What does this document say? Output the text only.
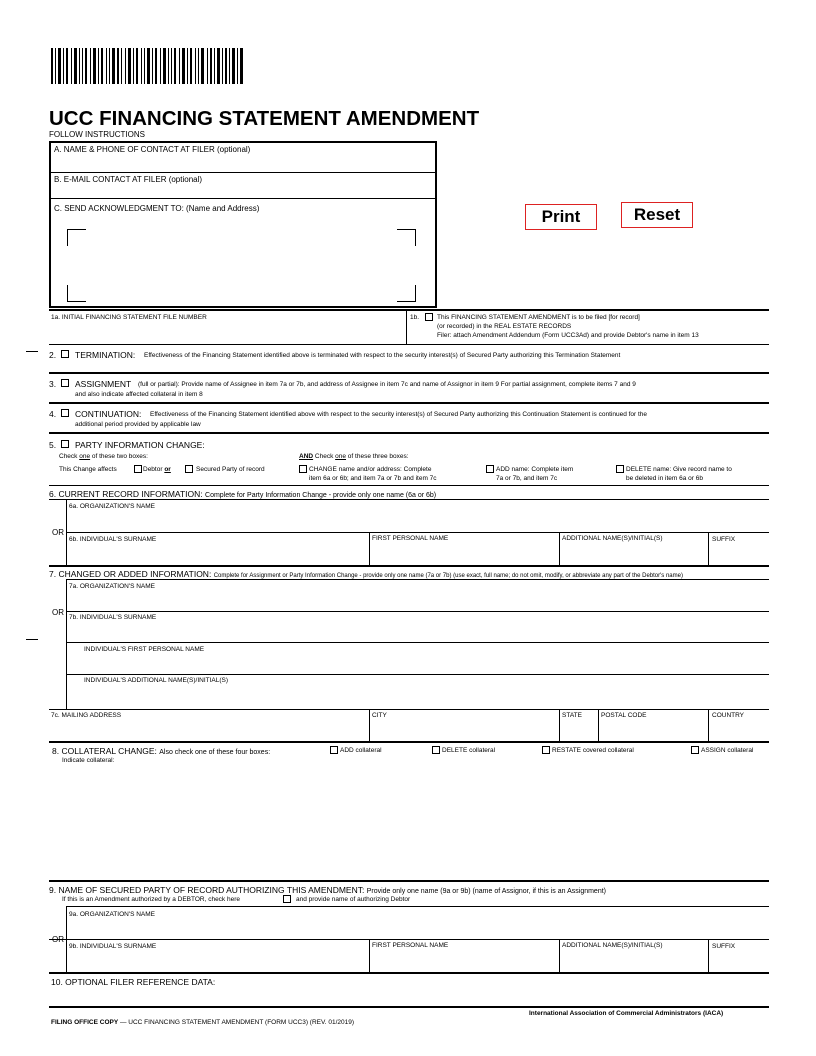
UCC FINANCING STATEMENT AMENDMENT
FOLLOW INSTRUCTIONS
A. NAME & PHONE OF CONTACT AT FILER (optional)
B. E-MAIL CONTACT AT FILER (optional)
C. SEND ACKNOWLEDGMENT TO: (Name and Address)	Print	Reset
1a. INITIAL FINANCING STATEMENT FILE NUMBER	1b.	This FINANCING STATEMENT AMENDMENT is to be filed [for record]
(or recorded) in the REAL ESTATE RECORDS
Filer: attach Amendment Addendum (Form UCC3Ad) and provide Debtor's name in item 13
2. TERMINATION: Effectiveness of the Financing Statement identified above is terminated with respect to the security interest(s) of Secured Party authorizing this Termination Statement
3. ASSIGNMENT (full or partial): Provide name of Assignee in item 7a or 7b, and address of Assignee in item 7c and name of Assignor in item 9 For partial assignment, complete items 7 and 9
and also indicate affected collateral in item 8
4. CONTINUATION: Effectiveness of the Financing Statement identified above with respect to the security interest(s) of Secured Party authorizing this Continuation Statement is continued for the
additional period provided by applicable law
5. PARTY INFORMATION CHANGE:
Check one of these two boxes:	AND Check one of these three boxes:
This Change affects	Debtor or	Secured Party of record	CHANGE name and/or address: Complete
item 6a or 6b; and item 7a or 7b and item 7c
ADD name: Complete item
7a or 7b, and item 7c
DELETE name: Give record name to
be deleted in item 6a or 6b
6. CURRENT RECORD INFORMATION: Complete for Party Information Change - provide only one name (6a or 6b)
6a. ORGANIZATION'S NAME
OR
6b. INDIVIDUAL'S SURNAME	FIRST PERSONAL NAME	ADDITIONAL NAME(S)/INITIAL(S)	SUFFIX
7. CHANGED OR ADDED INFORMATION: Complete for Assignment or Party Information Change - provide only one name (7a or 7b) (use exact, full name; do not omit, modify, or abbreviate any part of the Debtor's name)
7a. ORGANIZATION'S NAME
OR
7b. INDIVIDUAL'S SURNAME
INDIVIDUAL'S FIRST PERSONAL NAME
INDIVIDUAL'S ADDITIONAL NAME(S)/INITIAL(S)
7c. MAILING ADDRESS	CITY	STATE	POSTAL CODE	COUNTRY
8. COLLATERAL CHANGE: Also check one of these four boxes:	ADD collateral	DELETE collateral	RESTATE covered collateral	ASSIGN collateral
Indicate collateral:
9. NAME OF SECURED PARTY OF RECORD AUTHORIZING THIS AMENDMENT: Provide only one name (9a or 9b) (name of Assignor, if this is an Assignment)
If this is an Amendment authorized by a DEBTOR, check here	and provide name of authorizing Debtor
9a. ORGANIZATION'S NAME
9b. INDIVIDUAL'S SURNAME	FIRST PERSONAL NAME	ADDITIONAL NAME(S)/INITIAL(S)	SUFFIX
10. OPTIONAL FILER REFERENCE DATA:
International Association of Commercial Administrators (IACA)
FILING OFFICE COPY — UCC FINANCING STATEMENT AMENDMENT (FORM UCC3) (REV. 01/2019)
